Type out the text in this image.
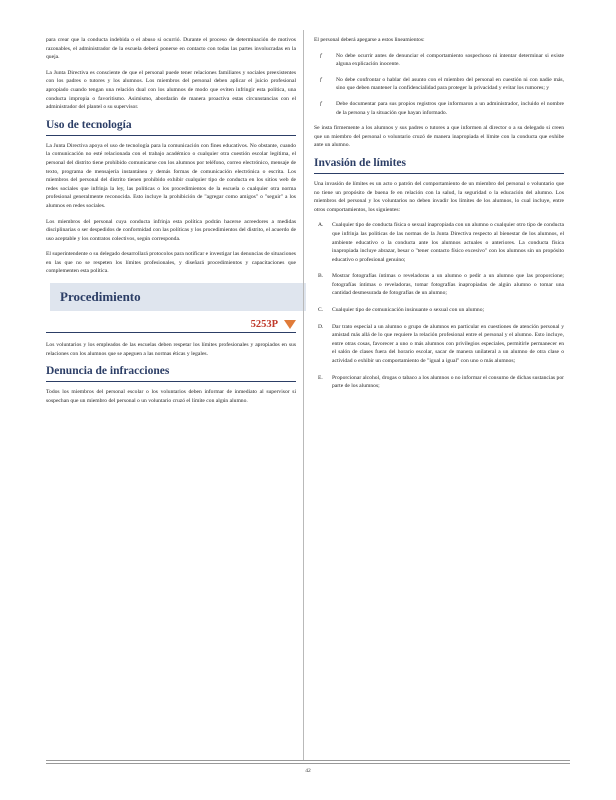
para crear que la conducta indebida o el abuso si ocurrió. Durante el proceso de determinación de motivos razonables, el administrador de la escuela deberá ponerse en contacto con todas las partes involucradas en la queja.

La Junta Directiva es consciente de que el personal puede tener relaciones familiares y sociales preexistentes con los padres o tutores y los alumnos. Los miembros del personal deben aplicar el juicio profesional apropiado cuando tengan una relación dual con los alumnos de modo que eviten infringir esta política, una conducta impropia o favoritismo. Asimismo, abordarán de manera proactiva estas circunstancias con el administrador del plantel o su supervisor.

Uso de tecnología

La Junta Directiva apoya el uso de tecnología para la comunicación con fines educativos. No obstante, cuando la comunicación no esté relacionada con el trabajo académico o cualquier otra cuestión escolar legítima, el personal del distrito tiene prohibido comunicarse con los alumnos por teléfono, correo electrónico, mensaje de texto, programa de mensajería instantánea y demás formas de comunicación electrónica o escrita. Los miembros del personal del distrito tienen prohibido exhibir cualquier tipo de conducta en los sitios web de redes sociales que infrinja la ley, las políticas o los procedimientos de la escuela o cualquier otra norma profesional generalmente reconocida. Esto incluye la prohibición de "agregar como amigos" o "seguir" a los alumnos en redes sociales.

Los miembros del personal cuya conducta infrinja esta política podrán hacerse acreedores a medidas disciplinarias o ser despedidos de conformidad con las políticas y los procedimientos del distrito, el acuerdo de uso aceptable y los contratos colectivos, según corresponda.

El superintendente o su delegado desarrollará protocolos para notificar e investigar las denuncias de situaciones en las que no se respeten los límites profesionales, y diseñará procedimientos y capacitaciones que complementen esta política.

Procedimiento
5253P

Los voluntarios y los empleados de las escuelas deben respetar los límites profesionales y apropiados en sus relaciones con los alumnos que se apeguen a las normas éticas y legales.

Denuncia de infracciones

Todos los miembros del personal escolar o los voluntarios deben informar de inmediato al supervisor si sospechan que un miembro del personal o un voluntario cruzó el límite con algún alumno.

El personal deberá apegarse a estos lineamientos:

f	No debe ocurrir antes de denunciar el comportamiento sospechoso ni intentar determinar si existe alguna explicación inocente.
f	No debe confrontar o hablar del asunto con el miembro del personal en cuestión ni con nadie más, sino que deben mantener la confidencialidad para proteger la privacidad y evitar los rumores; y
f	Debe documentar para sus propios registros que informaron a un administrador, incluido el nombre de la persona y la situación que hayan informado.

Se insta firmemente a los alumnos y sus padres o tutores a que informen al director o a su delegado si creen que un miembro del personal o voluntario cruzó de manera inapropiada el límite con la conducta que exhibe ante un alumno.

Invasión de límites

Una invasión de límites es un acto o patrón del comportamiento de un miembro del personal o voluntario que no tiene un propósito de buena fe en relación con la salud, la seguridad o la educación del alumno. Los miembros del personal y los voluntarios no deben invadir los límites de los alumnos, lo cual incluye, entre otros comportamientos, los siguientes:

A.	Cualquier tipo de conducta física o sexual inapropiada con un alumno o cualquier otro tipo de conducta que infrinja las políticas de las normas de la Junta Directiva respecto al bienestar de los alumnos, el ambiente educativo o la conducta ante los alumnos actuales o anteriores. La conducta física inapropiada incluye abrazar, besar o "tener contacto físico excesivo" con los alumnos sin un propósito educativo o profesional genuino;
B.	Mostrar fotografías íntimas o reveladoras a un alumno o pedir a un alumno que las proporcione; fotografías íntimas o reveladoras, tomar fotografías inapropiadas de algún alumno o tomar una cantidad desmesurada de fotografías de un alumno;
C.	Cualquier tipo de comunicación insinuante o sexual con un alumno;
D.	Dar trato especial a un alumno o grupo de alumnos en particular en cuestiones de atención personal y amistad más allá de lo que requiere la relación profesional entre el personal y el alumno. Esto incluye, entre otras cosas, favorecer a uno o más alumnos con privilegios especiales, permitirle permanecer en el salón de clases fuera del horario escolar, sacar de manera unilateral a un alumno de otra clase o actividad o exhibir un comportamiento de "igual a igual" con uno o más alumnos;
E.	Proporcionar alcohol, drogas o tabaco a los alumnos o no informar el consumo de dichas sustancias por parte de los alumnos;
42
